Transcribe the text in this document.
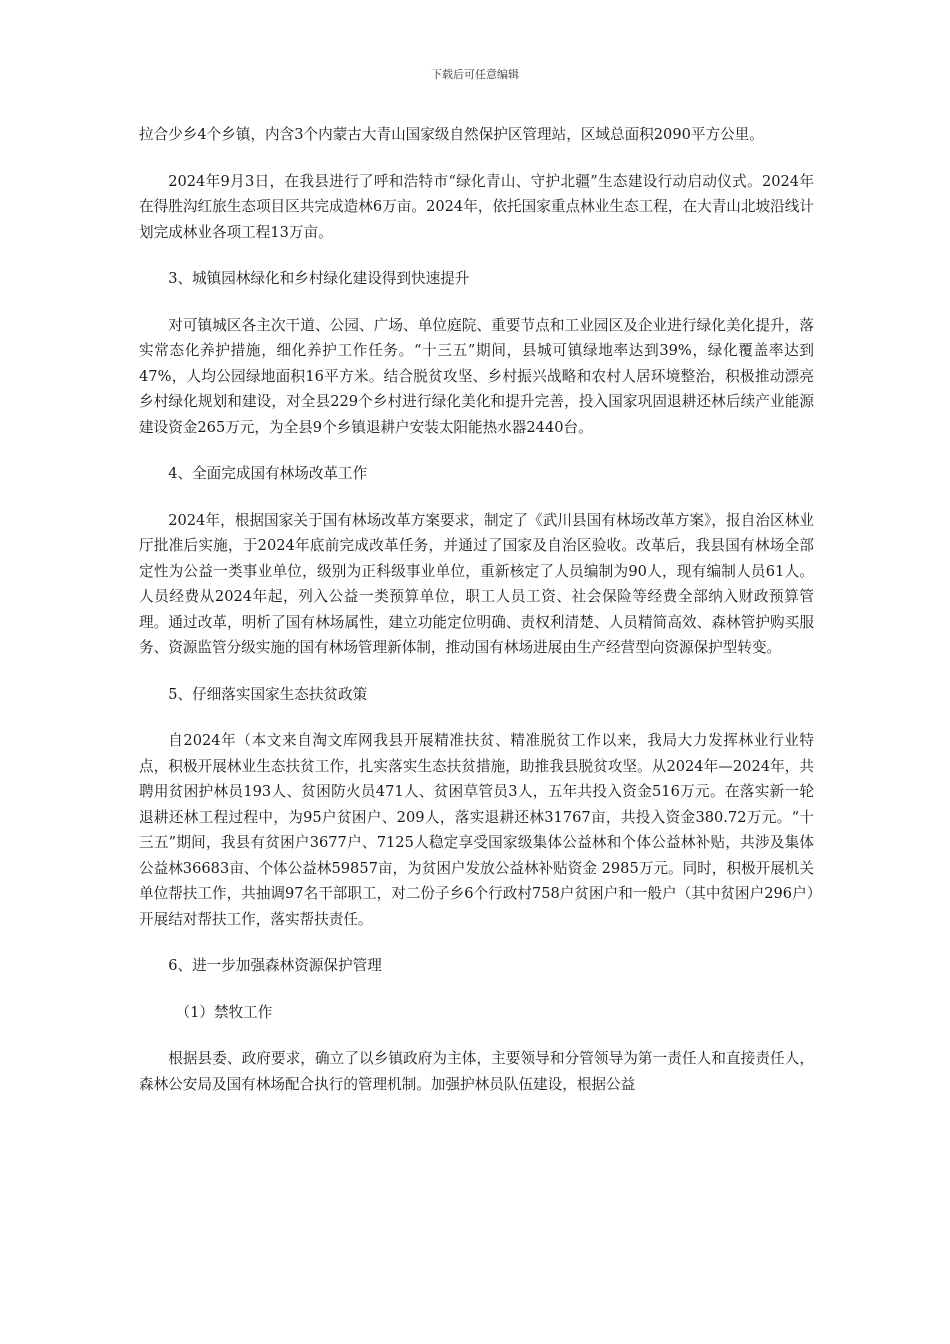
下载后可任意编辑

拉合少乡4个乡镇，内含3个内蒙古大青山国家级自然保护区管理站，区域总面积2090平方公里。

2024年9月3日，在我县进行了呼和浩特市“绿化青山、守护北疆”生态建设行动启动仪式。2024年在得胜沟红旅生态项目区共完成造林6万亩。2024年，依托国家重点林业生态工程，在大青山北坡沿线计划完成林业各项工程13万亩。

3、城镇园林绿化和乡村绿化建设得到快速提升

对可镇城区各主次干道、公园、广场、单位庭院、重要节点和工业园区及企业进行绿化美化提升，落实常态化养护措施，细化养护工作任务。“十三五”期间，县城可镇绿地率达到39%，绿化覆盖率达到47%，人均公园绿地面积16平方米。结合脱贫攻坚、乡村振兴战略和农村人居环境整治，积极推动漂亮乡村绿化规划和建设，对全县229个乡村进行绿化美化和提升完善，投入国家巩固退耕还林后续产业能源建设资金265万元，为全县9个乡镇退耕户安装太阳能热水器2440台。

4、全面完成国有林场改革工作

2024年，根据国家关于国有林场改革方案要求，制定了《武川县国有林场改革方案》，报自治区林业厅批准后实施，于2024年底前完成改革任务，并通过了国家及自治区验收。改革后，我县国有林场全部定性为公益一类事业单位，级别为正科级事业单位，重新核定了人员编制为90人，现有编制人员61人。人员经费从2024年起，列入公益一类预算单位，职工人员工资、社会保险等经费全部纳入财政预算管理。通过改革，明析了国有林场属性，建立功能定位明确、责权利清楚、人员精简高效、森林管护购买服务、资源监管分级实施的国有林场管理新体制，推动国有林场进展由生产经营型向资源保护型转变。

5、仔细落实国家生态扶贫政策

自2024年（本文来自淘文库网我县开展精准扶贫、精准脱贫工作以来，我局大力发挥林业行业特点，积极开展林业生态扶贫工作，扎实落实生态扶贫措施，助推我县脱贫攻坚。从2024年—2024年，共聘用贫困护林员193人、贫困防火员471人、贫困草管员3人，五年共投入资金516万元。在落实新一轮退耕还林工程过程中，为95户贫困户、209人，落实退耕还林31767亩，共投入资金380.72万元。“十三五”期间，我县有贫困户3677户、7125人稳定享受国家级集体公益林和个体公益林补贴，共涉及集体公益林36683亩、个体公益林59857亩，为贫困户发放公益林补贴资金 2985万元。同时，积极开展机关单位帮扶工作，共抽调97名干部职工，对二份子乡6个行政村758户贫困户和一般户（其中贫困户296户）开展结对帮扶工作，落实帮扶责任。

6、进一步加强森林资源保护管理

（1）禁牧工作

根据县委、政府要求，确立了以乡镇政府为主体，主要领导和分管领导为第一责任人和直接责任人，森林公安局及国有林场配合执行的管理机制。加强护林员队伍建设，根据公益
